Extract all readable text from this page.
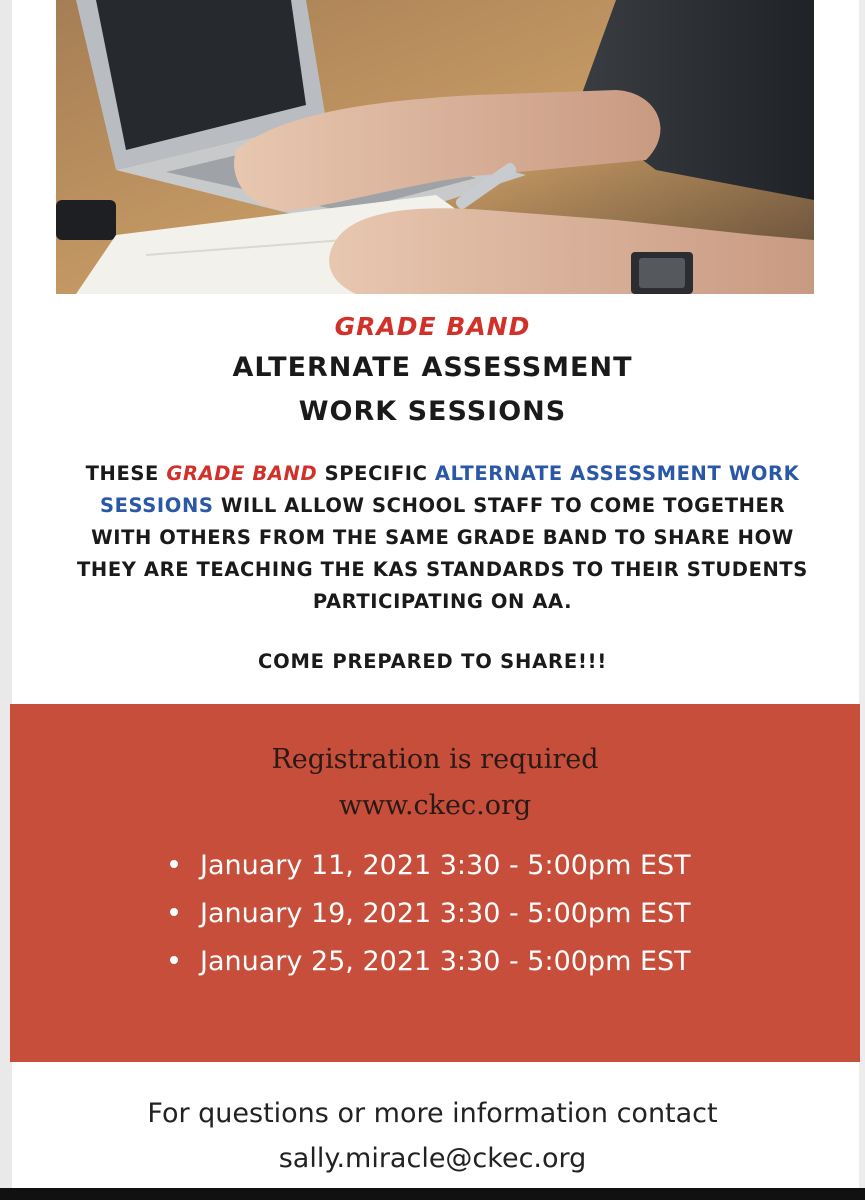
GRADE BAND
ALTERNATE ASSESSMENT
WORK SESSIONS
THESE GRADE BAND SPECIFIC ALTERNATE ASSESSMENT WORK
SESSIONS WILL ALLOW SCHOOL STAFF TO COME TOGETHER
WITH OTHERS FROM THE SAME GRADE BAND TO SHARE HOW
THEY ARE TEACHING THE KAS STANDARDS TO THEIR STUDENTS
PARTICIPATING ON AA.
COME PREPARED TO SHARE!!!
Registration is required
www.ckec.org
January 11, 2021 3:30 - 5:00pm EST
January 19, 2021 3:30 - 5:00pm EST
January 25, 2021 3:30 - 5:00pm EST
For questions or more information contact
sally.miracle@ckec.org
